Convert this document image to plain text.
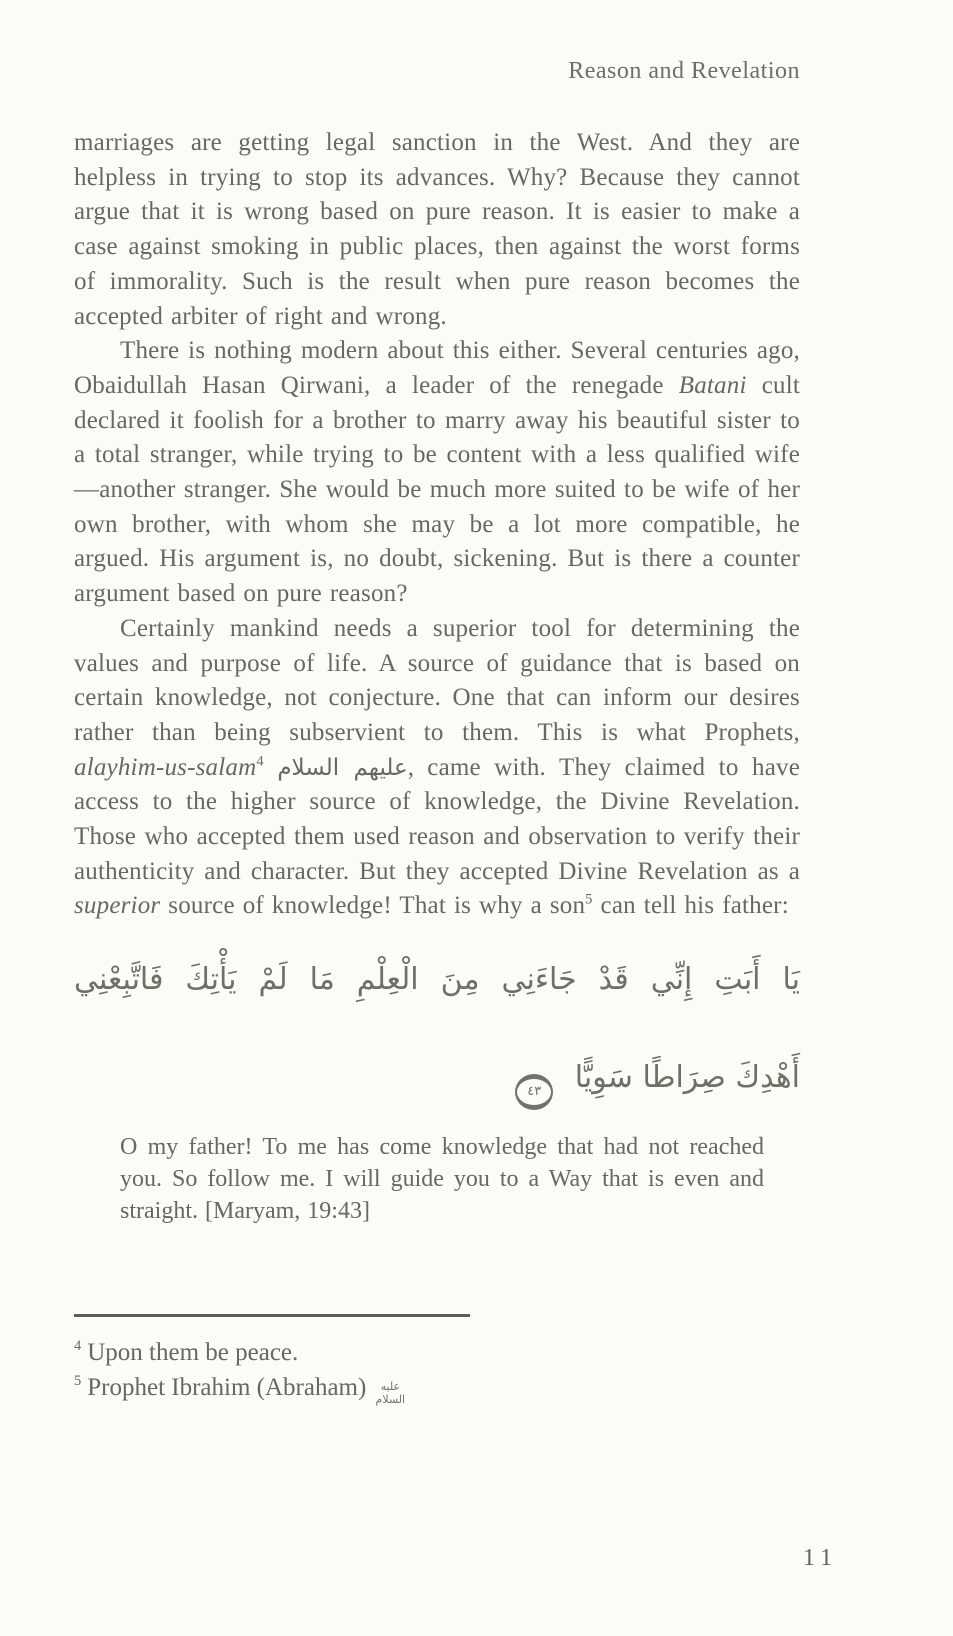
Reason and Revelation

marriages are getting legal sanction in the West. And they are helpless in trying to stop its advances. Why? Because they cannot argue that it is wrong based on pure reason. It is easier to make a case against smoking in public places, then against the worst forms of immorality. Such is the result when pure reason becomes the accepted arbiter of right and wrong.

There is nothing modern about this either. Several centuries ago, Obaidullah Hasan Qirwani, a leader of the renegade Batani cult declared it foolish for a brother to marry away his beautiful sister to a total stranger, while trying to be content with a less qualified wife—another stranger. She would be much more suited to be wife of her own brother, with whom she may be a lot more compatible, he argued. His argument is, no doubt, sickening. But is there a counter argument based on pure reason?

Certainly mankind needs a superior tool for determining the values and purpose of life. A source of guidance that is based on certain knowledge, not conjecture. One that can inform our desires rather than being subservient to them. This is what Prophets, alayhim-us-salam$^4$ عليهم السلام, came with. They claimed to have access to the higher source of knowledge, the Divine Revelation. Those who accepted them used reason and observation to verify their authenticity and character. But they accepted Divine Revelation as a superior source of knowledge! That is why a son$^5$ can tell his father:

يَا أَبَتِ إِنِّي قَدْ جَاءَنِي مِنَ الْعِلْمِ مَا لَمْ يَأْتِكَ فَاتَّبِعْنِي
أَهْدِكَ صِرَاطًا سَوِيًّا ٤٣
O my father! To me has come knowledge that had not reached you. So follow me. I will guide you to a Way that is even and straight. [Maryam, 19:43]
$^4$ Upon them be peace.
$^5$ Prophet Ibrahim (Abraham) عليه السلام
11
